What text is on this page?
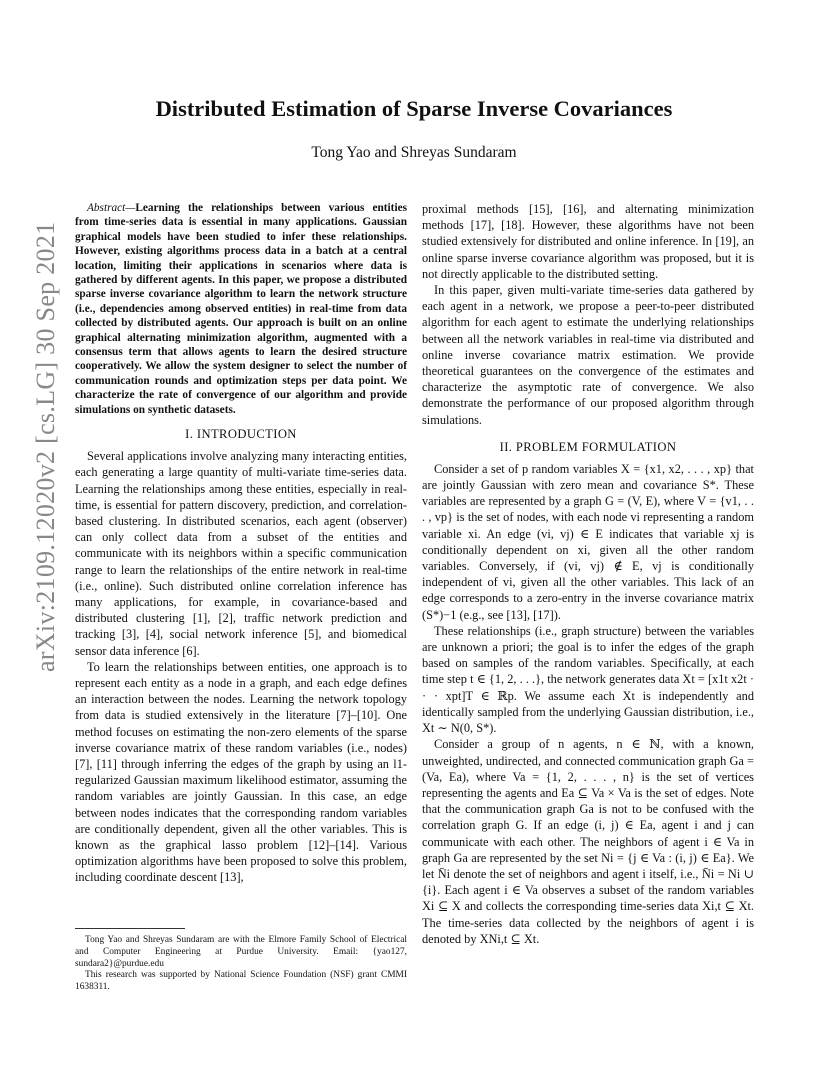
arXiv:2109.12020v2 [cs.LG] 30 Sep 2021
Distributed Estimation of Sparse Inverse Covariances
Tong Yao and Shreyas Sundaram

Abstract—Learning the relationships between various entities from time-series data is essential in many applications. Gaussian graphical models have been studied to infer these relationships. However, existing algorithms process data in a batch at a central location, limiting their applications in scenarios where data is gathered by different agents. In this paper, we propose a distributed sparse inverse covariance algorithm to learn the network structure (i.e., dependencies among observed entities) in real-time from data collected by distributed agents. Our approach is built on an online graphical alternating minimization algorithm, augmented with a consensus term that allows agents to learn the desired structure cooperatively. We allow the system designer to select the number of communication rounds and optimization steps per data point. We characterize the rate of convergence of our algorithm and provide simulations on synthetic datasets.

I. INTRODUCTION

Several applications involve analyzing many interacting entities, each generating a large quantity of multi-variate time-series data. Learning the relationships among these entities, especially in real-time, is essential for pattern discovery, prediction, and correlation-based clustering. In distributed scenarios, each agent (observer) can only collect data from a subset of the entities and communicate with its neighbors within a specific communication range to learn the relationships of the entire network in real-time (i.e., online). Such distributed online correlation inference has many applications, for example, in covariance-based and distributed clustering [1], [2], traffic network prediction and tracking [3], [4], social network inference [5], and biomedical sensor data inference [6].

To learn the relationships between entities, one approach is to represent each entity as a node in a graph, and each edge defines an interaction between the nodes. Learning the network topology from data is studied extensively in the literature [7]–[10]. One method focuses on estimating the non-zero elements of the sparse inverse covariance matrix of these random variables (i.e., nodes) [7], [11] through inferring the edges of the graph by using an l1-regularized Gaussian maximum likelihood estimator, assuming the random variables are jointly Gaussian. In this case, an edge between nodes indicates that the corresponding random variables are conditionally dependent, given all the other variables. This is known as the graphical lasso problem [12]–[14]. Various optimization algorithms have been proposed to solve this problem, including coordinate descent [13],

proximal methods [15], [16], and alternating minimization methods [17], [18]. However, these algorithms have not been studied extensively for distributed and online inference. In [19], an online sparse inverse covariance algorithm was proposed, but it is not directly applicable to the distributed setting.

In this paper, given multi-variate time-series data gathered by each agent in a network, we propose a peer-to-peer distributed algorithm for each agent to estimate the underlying relationships between all the network variables in real-time via distributed and online inverse covariance matrix estimation. We provide theoretical guarantees on the convergence of the estimates and characterize the asymptotic rate of convergence. We also demonstrate the performance of our proposed algorithm through simulations.

II. PROBLEM FORMULATION

Consider a set of p random variables X = {x1, x2, . . . , xp} that are jointly Gaussian with zero mean and covariance S*. These variables are represented by a graph G = (V, E), where V = {v1, . . . , vp} is the set of nodes, with each node vi representing a random variable xi. An edge (vi, vj) ∈ E indicates that variable xj is conditionally dependent on xi, given all the other random variables. Conversely, if (vi, vj) ∉ E, vj is conditionally independent of vi, given all the other variables. This lack of an edge corresponds to a zero-entry in the inverse covariance matrix (S*)−1 (e.g., see [13], [17]).

These relationships (i.e., graph structure) between the variables are unknown a priori; the goal is to infer the edges of the graph based on samples of the random variables. Specifically, at each time step t ∈ {1, 2, . . .}, the network generates data Xt = [x1t x2t · · · xpt]T ∈ ℝp. We assume each Xt is independently and identically sampled from the underlying Gaussian distribution, i.e., Xt ∼ N(0, S*).

Consider a group of n agents, n ∈ ℕ, with a known, unweighted, undirected, and connected communication graph Ga = (Va, Ea), where Va = {1, 2, . . . , n} is the set of vertices representing the agents and Ea ⊆ Va × Va is the set of edges. Note that the communication graph Ga is not to be confused with the correlation graph G. If an edge (i, j) ∈ Ea, agent i and j can communicate with each other. The neighbors of agent i ∈ Va in graph Ga are represented by the set Ni = {j ∈ Va : (i, j) ∈ Ea}. We let N̄i denote the set of neighbors and agent i itself, i.e., N̄i = Ni ∪ {i}. Each agent i ∈ Va observes a subset of the random variables Xi ⊆ X and collects the corresponding time-series data Xi,t ⊆ Xt. The time-series data collected by the neighbors of agent i is denoted by XNi,t ⊆ Xt.

Tong Yao and Shreyas Sundaram are with the Elmore Family School of Electrical and Computer Engineering at Purdue University. Email: {yao127, sundara2}@purdue.edu

This research was supported by National Science Foundation (NSF) grant CMMI 1638311.
